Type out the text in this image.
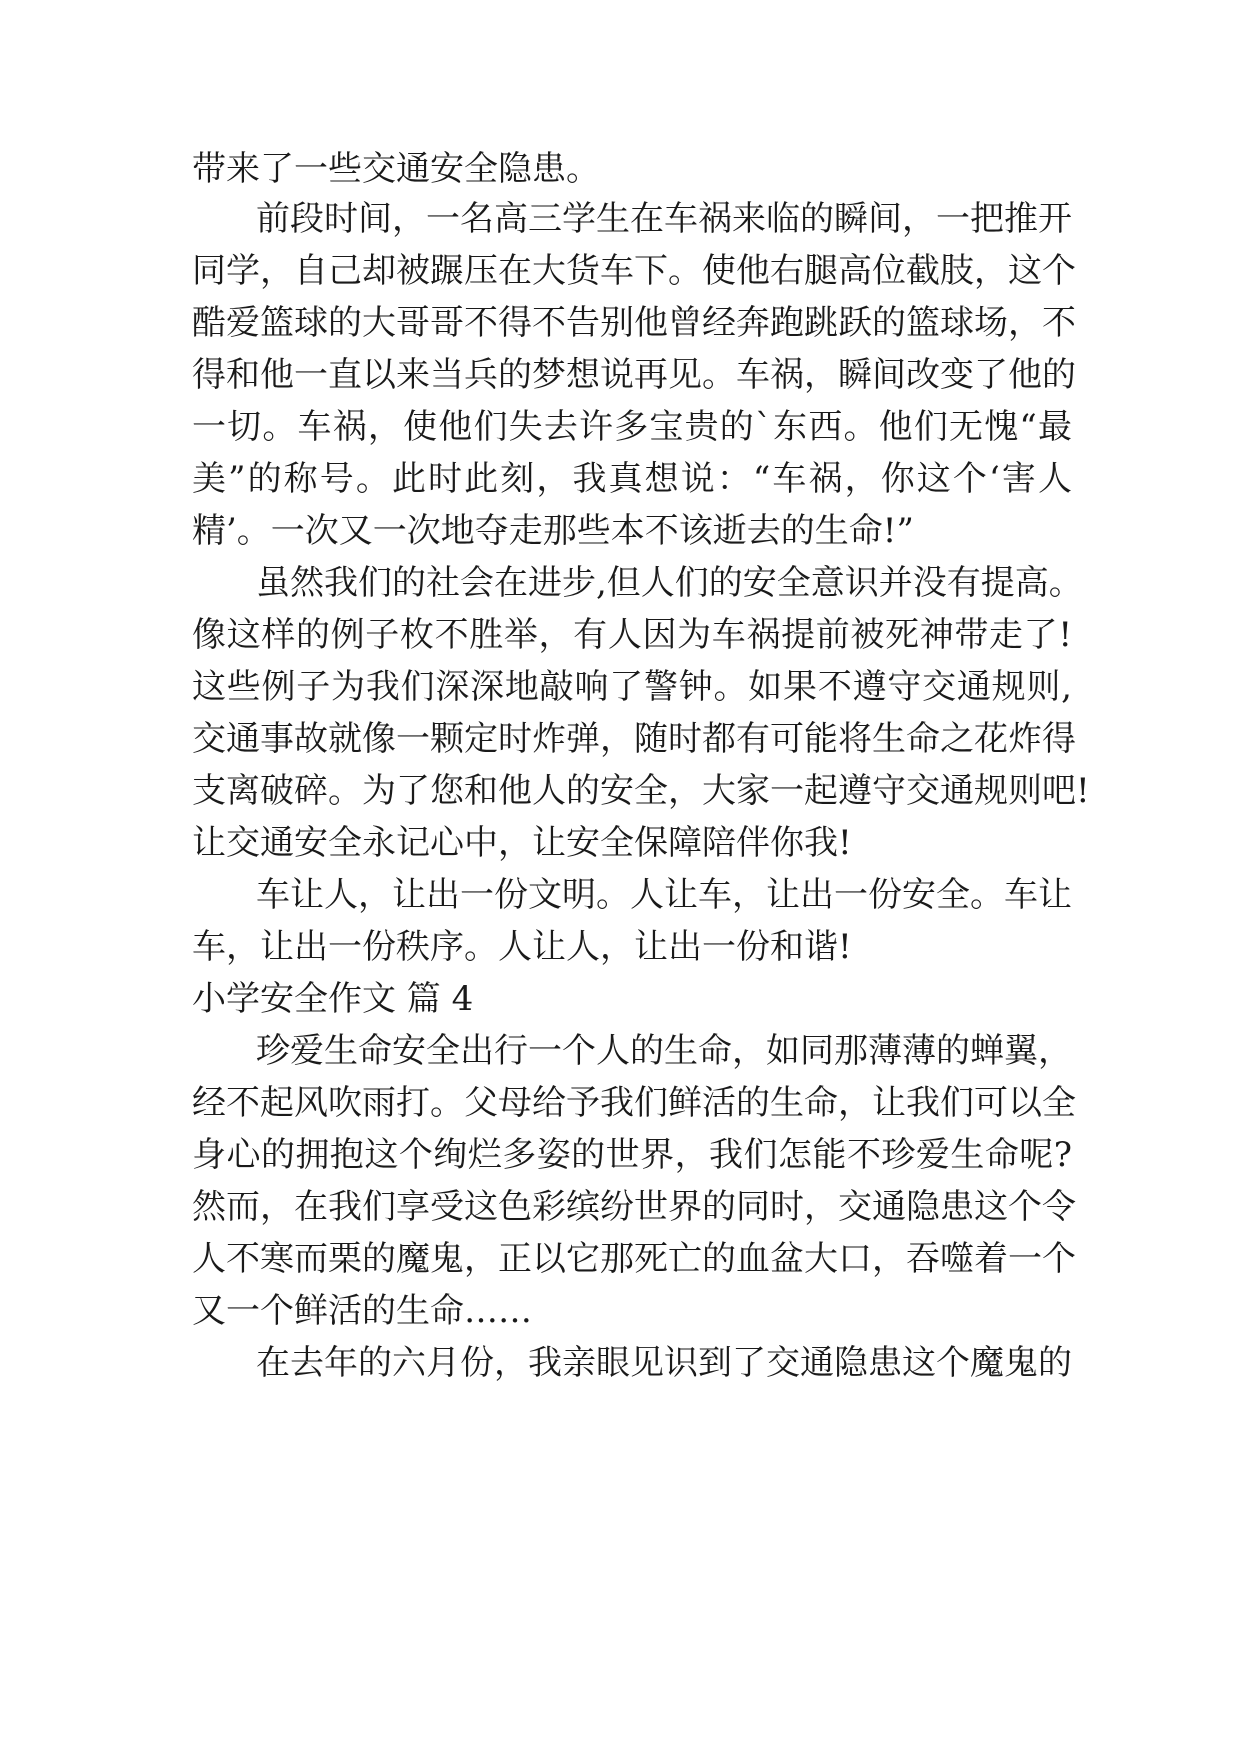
带来了一些交通安全隐患。
前段时间，一名高三学生在车祸来临的瞬间，一把推开
同学，自己却被蹍压在大货车下。使他右腿高位截肢，这个
酷爱篮球的大哥哥不得不告别他曾经奔跑跳跃的篮球场，不
得和他一直以来当兵的梦想说再见。车祸，瞬间改变了他的
一切。车祸，使他们失去许多宝贵的`东西。他们无愧“最
美”的称号。此时此刻，我真想说：“车祸，你这个‘害人
精’。一次又一次地夺走那些本不该逝去的生命!”
虽然我们的社会在进步,但人们的安全意识并没有提高。
像这样的例子枚不胜举，有人因为车祸提前被死神带走了!
这些例子为我们深深地敲响了警钟。如果不遵守交通规则,
交通事故就像一颗定时炸弹，随时都有可能将生命之花炸得
支离破碎。为了您和他人的安全，大家一起遵守交通规则吧!
让交通安全永记心中，让安全保障陪伴你我!
车让人，让出一份文明。人让车，让出一份安全。车让
车，让出一份秩序。人让人，让出一份和谐!
小学安全作文 篇 4
珍爱生命安全出行一个人的生命，如同那薄薄的蝉翼，
经不起风吹雨打。父母给予我们鲜活的生命，让我们可以全
身心的拥抱这个绚烂多姿的世界，我们怎能不珍爱生命呢?
然而，在我们享受这色彩缤纷世界的同时，交通隐患这个令
人不寒而栗的魔鬼，正以它那死亡的血盆大口，吞噬着一个
又一个鲜活的生命……
在去年的六月份，我亲眼见识到了交通隐患这个魔鬼的
